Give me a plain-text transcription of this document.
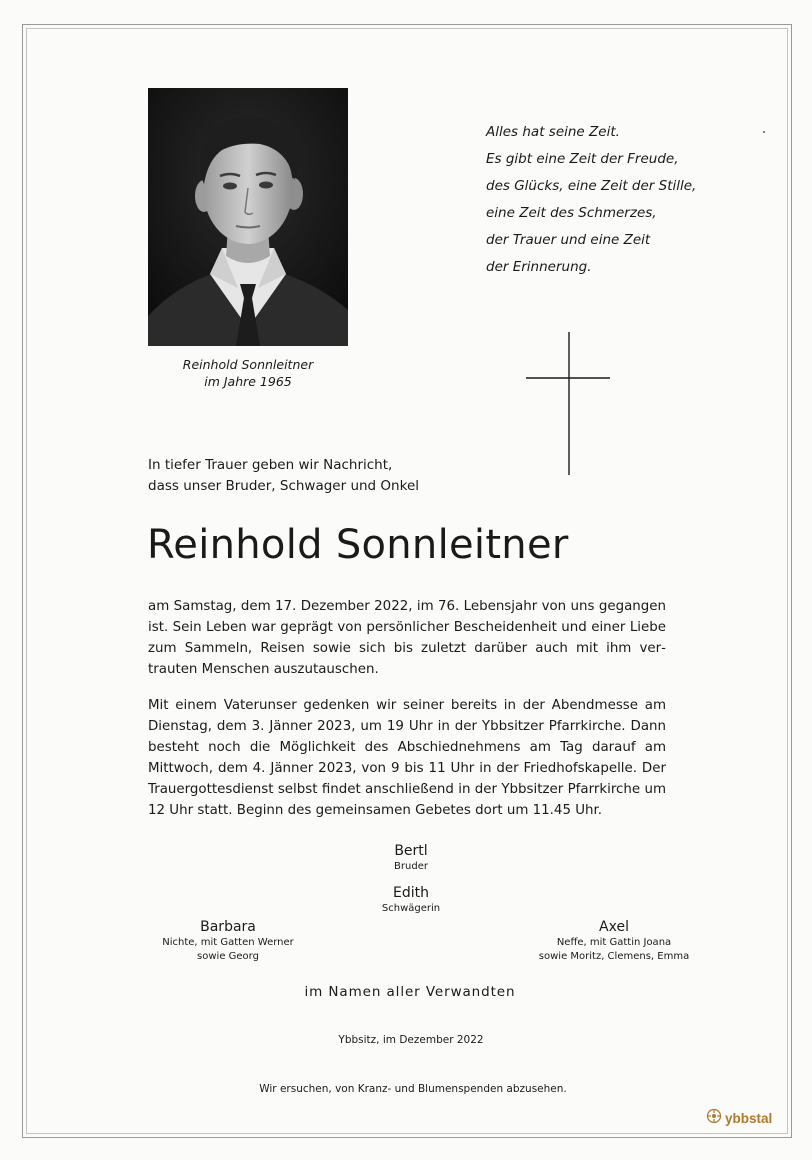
Reinhold Sonnleitner
im Jahre 1965
Alles hat seine Zeit.
Es gibt eine Zeit der Freude,
des Glücks, eine Zeit der Stille,
eine Zeit des Schmerzes,
der Trauer und eine Zeit
der Erinnerung.
In tiefer Trauer geben wir Nachricht,
dass unser Bruder, Schwager und Onkel
Reinhold Sonnleitner
am Samstag, dem 17. Dezember 2022, im 76. Lebensjahr von uns gegangen ist. Sein Leben war geprägt von persönlicher Bescheidenheit und einer Liebe zum Sammeln, Reisen sowie sich bis zuletzt darüber auch mit ihm vertrauten Menschen auszutauschen.
Mit einem Vaterunser gedenken wir seiner bereits in der Abendmesse am Dienstag, dem 3. Jänner 2023, um 19 Uhr in der Ybbsitzer Pfarrkirche. Dann besteht noch die Möglichkeit des Abschiednehmens am Tag darauf am Mittwoch, dem 4. Jänner 2023, von 9 bis 11 Uhr in der Friedhofskapelle. Der Trauergottesdienst selbst findet anschließend in der Ybbsitzer Pfarrkirche um 12 Uhr statt. Beginn des gemeinsamen Gebetes dort um 11.45 Uhr.
Bertl
Bruder
Edith
Schwägerin
Barbara
Nichte, mit Gatten Werner
sowie Georg
Axel
Neffe, mit Gattin Joana
sowie Moritz, Clemens, Emma
im Namen aller Verwandten
Ybbsitz, im Dezember 2022
Wir ersuchen, von Kranz- und Blumenspenden abzusehen.
ybbstal
